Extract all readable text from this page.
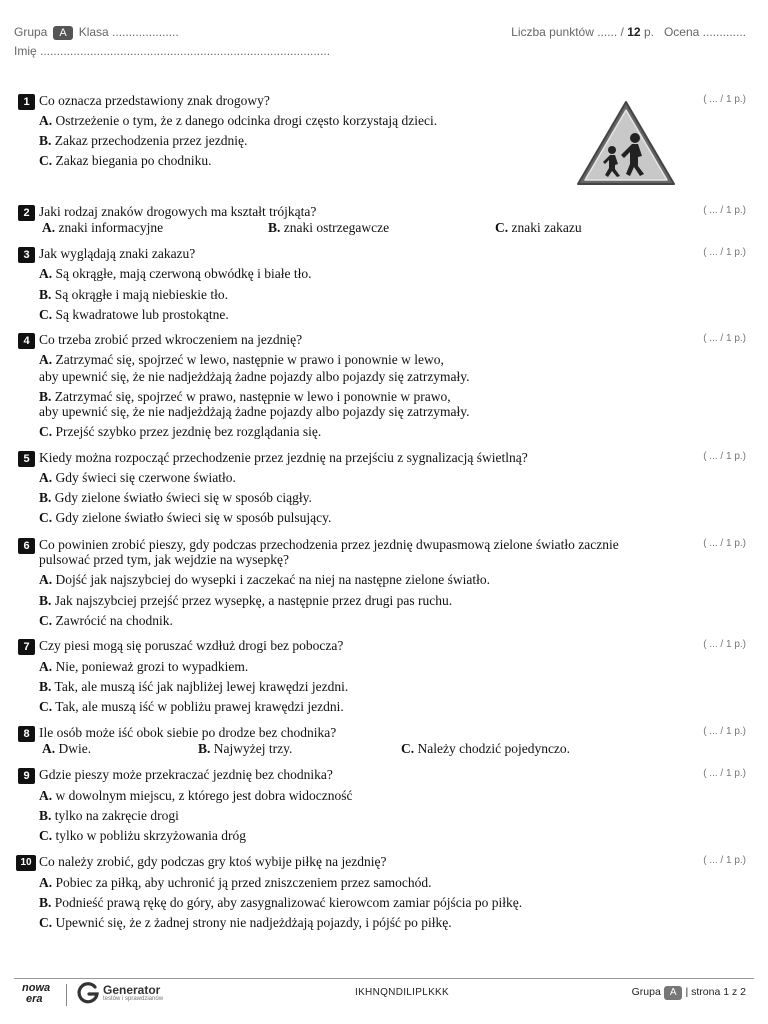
Grupa A Klasa ....................	Liczba punktów ...... / 12 p. Ocena .............
Imię .......................................................................................
1 Co oznacza przedstawiony znak drogowy?	( ... / 1 p.)
A. Ostrzeżenie o tym, że z danego odcinka drogi często korzystają dzieci.
B. Zakaz przechodzenia przez jezdnię.
C. Zakaz biegania po chodniku.
2 Jaki rodzaj znaków drogowych ma kształt trójkąta?	( ... / 1 p.)
A. znaki informacyjne	B. znaki ostrzegawcze	C. znaki zakazu
3 Jak wyglądają znaki zakazu?	( ... / 1 p.)
A. Są okrągłe, mają czerwoną obwódkę i białe tło.
B. Są okrągłe i mają niebieskie tło.
C. Są kwadratowe lub prostokątne.
4 Co trzeba zrobić przed wkroczeniem na jezdnię?	( ... / 1 p.)
A. Zatrzymać się, spojrzeć w lewo, następnie w prawo i ponownie w lewo,
aby upewnić się, że nie nadjeżdżają żadne pojazdy albo pojazdy się zatrzymały.
B. Zatrzymać się, spojrzeć w prawo, następnie w lewo i ponownie w prawo,
aby upewnić się, że nie nadjeżdżają żadne pojazdy albo pojazdy się zatrzymały.
C. Przejść szybko przez jezdnię bez rozglądania się.
5 Kiedy można rozpocząć przechodzenie przez jezdnię na przejściu z sygnalizacją świetlną?	( ... / 1 p.)
A. Gdy świeci się czerwone światło.
B. Gdy zielone światło świeci się w sposób ciągły.
C. Gdy zielone światło świeci się w sposób pulsujący.
6 Co powinien zrobić pieszy, gdy podczas przechodzenia przez jezdnię dwupasmową zielone światło zacznie
pulsować przed tym, jak wejdzie na wysepkę?
( ... / 1 p.)
A. Dojść jak najszybciej do wysepki i zaczekać na niej na następne zielone światło.
B. Jak najszybciej przejść przez wysepkę, a następnie przez drugi pas ruchu.
C. Zawrócić na chodnik.
7 Czy piesi mogą się poruszać wzdłuż drogi bez pobocza?	( ... / 1 p.)
A. Nie, ponieważ grozi to wypadkiem.
B. Tak, ale muszą iść jak najbliżej lewej krawędzi jezdni.
C. Tak, ale muszą iść w pobliżu prawej krawędzi jezdni.
8 Ile osób może iść obok siebie po drodze bez chodnika?	( ... / 1 p.)
A. Dwie.	B. Najwyżej trzy.	C. Należy chodzić pojedynczo.
9 Gdzie pieszy może przekraczać jezdnię bez chodnika?	( ... / 1 p.)
A. w dowolnym miejscu, z którego jest dobra widoczność
B. tylko na zakręcie drogi
C. tylko w pobliżu skrzyżowania dróg
10 Co należy zrobić, gdy podczas gry ktoś wybije piłkę na jezdnię?	( ... / 1 p.)
A. Pobiec za piłką, aby uchronić ją przed zniszczeniem przez samochód.
B. Podnieść prawą rękę do góry, aby zasygnalizować kierowcom zamiar pójścia po piłkę.
C. Upewnić się, że z żadnej strony nie nadjeżdżają pojazdy, i pójść po piłkę.
nowa
era
Generator
testów i sprawdzianów
IKHNQNDILIPLKKK	Grupa A | strona 1 z 2
